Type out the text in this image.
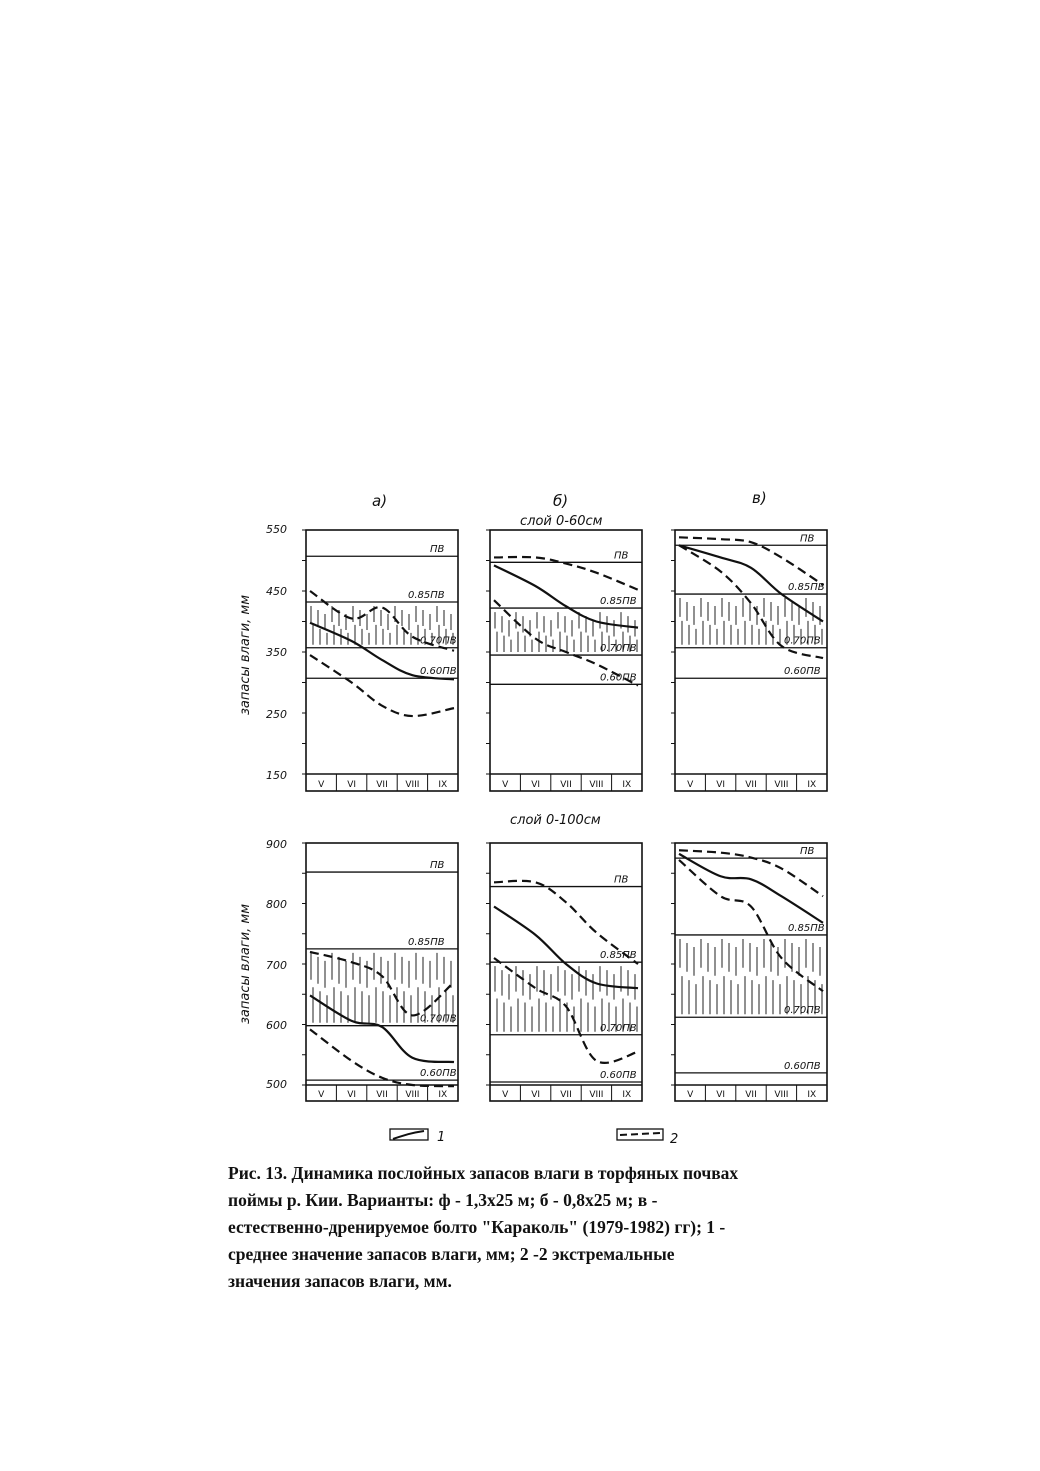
а)	б)	в)
слой 0-60см
слой 0-100см
запасы влаги, мм
запасы влаги, мм
550
450
350
250
150
900
800
700
600
500
ПВ
0.85ПВ
0.70ПВ
0.60ПВ
V	VI VII VIII IX
ПВ
0.85ПВ
0.70ПВ
0.60ПВ
V	VI VII VIII IX
ПВ
0.85ПВ
0.70ПВ
0.60ПВ
V	VI VII VIII IX
ПВ
0.85ПВ
0.70ПВ
0.60ПВ
V	VI VII VIII IX
ПВ
0.85ПВ
0.70ПВ
0.60ПВ
V	VI VII VIII IX
ПВ
0.85ПВ
0.70ПВ
0.60ПВ
V	VI VII VIII IX
1	2

Рис. 13. Динамика послойных запасов влаги в торфяных почвах

поймы р. Кии. Варианты: ф - 1,3х25 м; б - 0,8х25 м; в -

естественно-дренируемое болто "Караколь" (1979-1982) гг); 1 -

среднее значение запасов влаги, мм; 2 -2 экстремальные

значения запасов влаги, мм.
